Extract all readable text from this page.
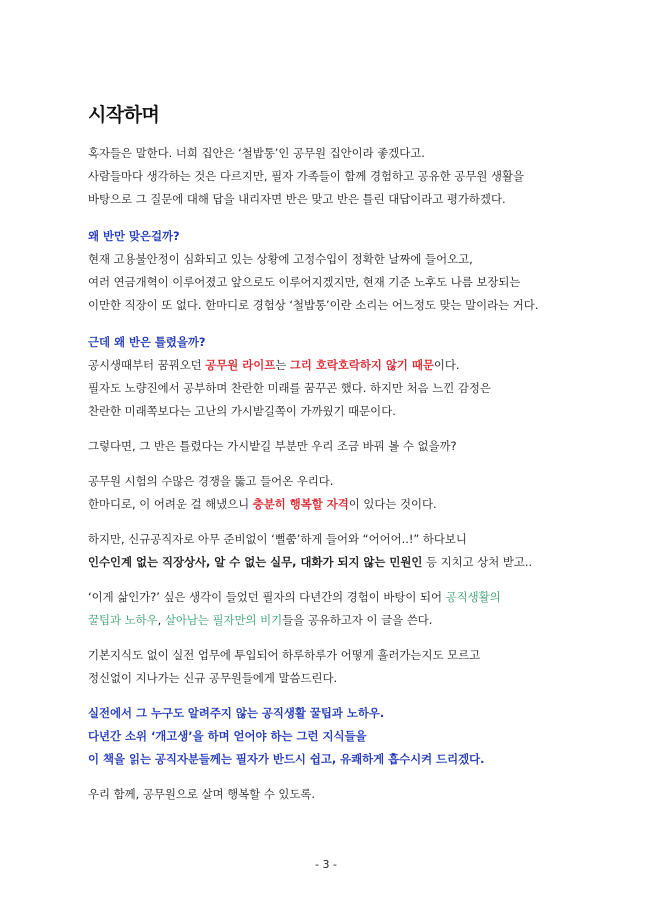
시작하며

혹자들은 말한다. 너희 집안은 ‘철밥통’인 공무원 집안이라 좋겠다고.

사람들마다 생각하는 것은 다르지만, 필자 가족들이 함께 경험하고 공유한 공무원 생활을

바탕으로 그 질문에 대해 답을 내리자면 반은 맞고 반은 틀린 대답이라고 평가하겠다.

왜 반만 맞은걸까?

현재 고용불안정이 심화되고 있는 상황에 고정수입이 정확한 날짜에 들어오고,

여러 연금개혁이 이루어졌고 앞으로도 이루어지겠지만, 현재 기준 노후도 나름 보장되는

이만한 직장이 또 없다. 한마디로 경험상 ‘철밥통’이란 소리는 어느정도 맞는 말이라는 거다.

근데 왜 반은 틀렸을까?

공시생때부터 꿈꿔오던 공무원 라이프는 그리 호락호락하지 않기 때문이다.

필자도 노량진에서 공부하며 찬란한 미래를 꿈꾸곤 했다. 하지만 처음 느낀 감정은

찬란한 미래쪽보다는 고난의 가시밭길쪽이 가까웠기 때문이다.

그렇다면, 그 반은 틀렸다는 가시밭길 부분만 우리 조금 바꿔 볼 수 없을까?

공무원 시험의 수많은 경쟁을 뚫고 들어온 우리다.

한마디로, 이 어려운 걸 해냈으니 충분히 행복할 자격이 있다는 것이다.

하지만, 신규공직자로 아무 준비없이 ‘뻘쭘’하게 들어와 “어어어..!” 하다보니

인수인계 없는 직장상사, 알 수 없는 실무, 대화가 되지 않는 민원인 등 지치고 상처 받고..

‘이게 삶인가?’ 싶은 생각이 들었던 필자의 다년간의 경험이 바탕이 되어 공직생활의

꿀팁과 노하우, 살아남는 필자만의 비기들을 공유하고자 이 글을 쓴다.

기본지식도 없이 실전 업무에 투입되어 하루하루가 어떻게 흘러가는지도 모르고

정신없이 지나가는 신규 공무원들에게 말씀드린다.

실전에서 그 누구도 알려주지 않는 공직생활 꿀팁과 노하우.

다년간 소위 ‘개고생’을 하며 얻어야 하는 그런 지식들을

이 책을 읽는 공직자분들께는 필자가 반드시 쉽고, 유쾌하게 흡수시켜 드리겠다.

우리 함께, 공무원으로 살며 행복할 수 있도록.

- 3 -
